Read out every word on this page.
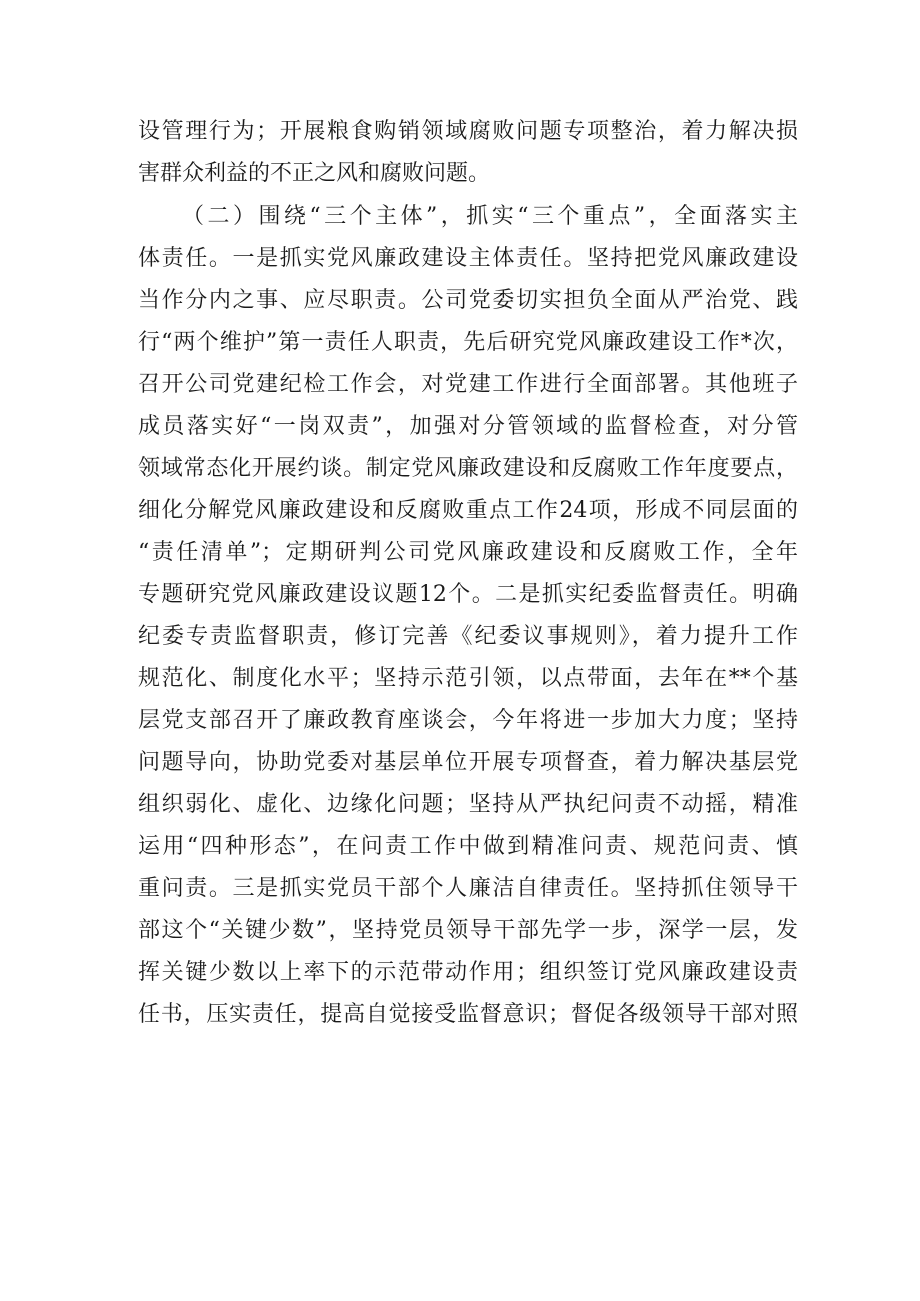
设管理行为；开展粮食购销领域腐败问题专项整治，着力解决损
害群众利益的不正之风和腐败问题。
（二）围绕“三个主体”，抓实“三个重点”，全面落实主
体责任。一是抓实党风廉政建设主体责任。坚持把党风廉政建设
当作分内之事、应尽职责。公司党委切实担负全面从严治党、践
行“两个维护”第一责任人职责，先后研究党风廉政建设工作*次，
召开公司党建纪检工作会，对党建工作进行全面部署。其他班子
成员落实好“一岗双责”，加强对分管领域的监督检查，对分管
领域常态化开展约谈。制定党风廉政建设和反腐败工作年度要点，
细化分解党风廉政建设和反腐败重点工作24项，形成不同层面的
“责任清单”；定期研判公司党风廉政建设和反腐败工作，全年
专题研究党风廉政建设议题12个。二是抓实纪委监督责任。明确
纪委专责监督职责，修订完善《纪委议事规则》，着力提升工作
规范化、制度化水平；坚持示范引领，以点带面，去年在**个基
层党支部召开了廉政教育座谈会，今年将进一步加大力度；坚持
问题导向，协助党委对基层单位开展专项督查，着力解决基层党
组织弱化、虚化、边缘化问题；坚持从严执纪问责不动摇，精准
运用“四种形态”，在问责工作中做到精准问责、规范问责、慎
重问责。三是抓实党员干部个人廉洁自律责任。坚持抓住领导干
部这个“关键少数”，坚持党员领导干部先学一步，深学一层，发
挥关键少数以上率下的示范带动作用；组织签订党风廉政建设责
任书，压实责任，提高自觉接受监督意识；督促各级领导干部对照
